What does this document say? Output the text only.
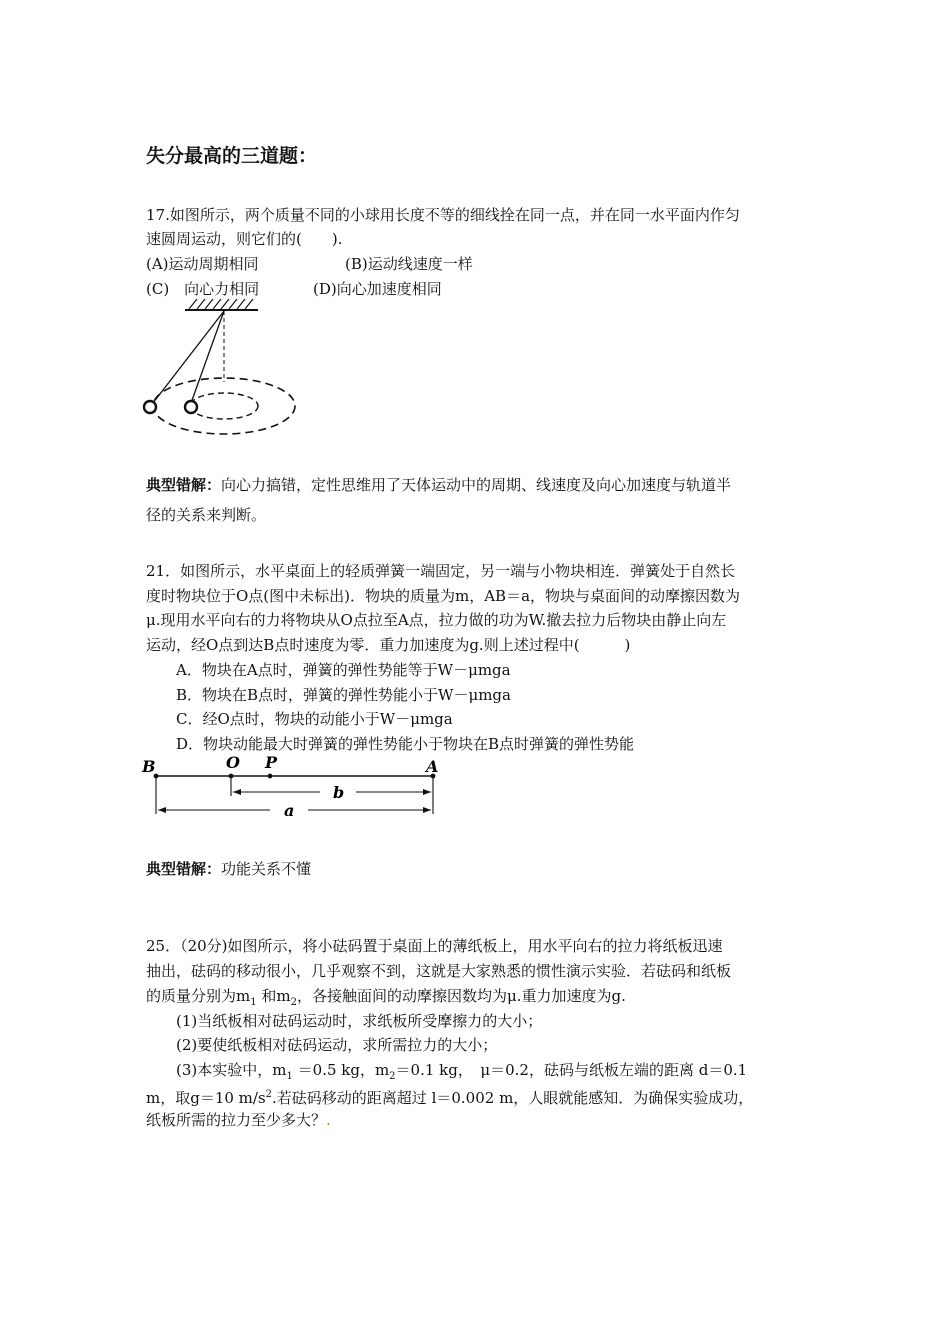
失分最高的三道题：
17.如图所示，两个质量不同的小球用长度不等的细线拴在同一点，并在同一水平面内作匀
速圆周运动，则它们的(　　).
(A)运动周期相同	(B)运动线速度一样
(C)　向心力相同	(D)向心加速度相同
典型错解：向心力搞错，定性思维用了天体运动中的周期、线速度及向心加速度与轨道半
径的关系来判断。
21．如图所示，水平桌面上的轻质弹簧一端固定，另一端与小物块相连．弹簧处于自然长
度时物块位于O点(图中未标出)．物块的质量为m，AB＝a，物块与桌面间的动摩擦因数为
μ.现用水平向右的力将物块从O点拉至A点，拉力做的功为W.撤去拉力后物块由静止向左
运动，经O点到达B点时速度为零．重力加速度为g.则上述过程中(　　　)
A．物块在A点时，弹簧的弹性势能等于W－μmga
B．物块在B点时，弹簧的弹性势能小于W－μmga
C．经O点时，物块的动能小于W－μmga
D．物块动能最大时弹簧的弹性势能小于物块在B点时弹簧的弹性势能
B	O P	A
b
a
典型错解：功能关系不懂
25．（20分)如图所示，将小砝码置于桌面上的薄纸板上，用水平向右的拉力将纸板迅速
抽出，砝码的移动很小，几乎观察不到，这就是大家熟悉的惯性演示实验．若砝码和纸板
的质量分别为$m_1$ 和$m_2$，各接触面间的动摩擦因数均为μ.重力加速度为g.
(1)当纸板相对砝码运动时，求纸板所受摩擦力的大小；
(2)要使纸板相对砝码运动，求所需拉力的大小；
(3)本实验中，$m_1 =0.5$ kg，$m_2=0.1$ kg，　μ＝0.2，砝码与纸板左端的距离 d＝0.1
m，取g＝10 $m/s^2$.若砝码移动的距离超过 l＝0.002 m，人眼就能感知．为确保实验成功，
纸板所需的拉力至少多大？.
